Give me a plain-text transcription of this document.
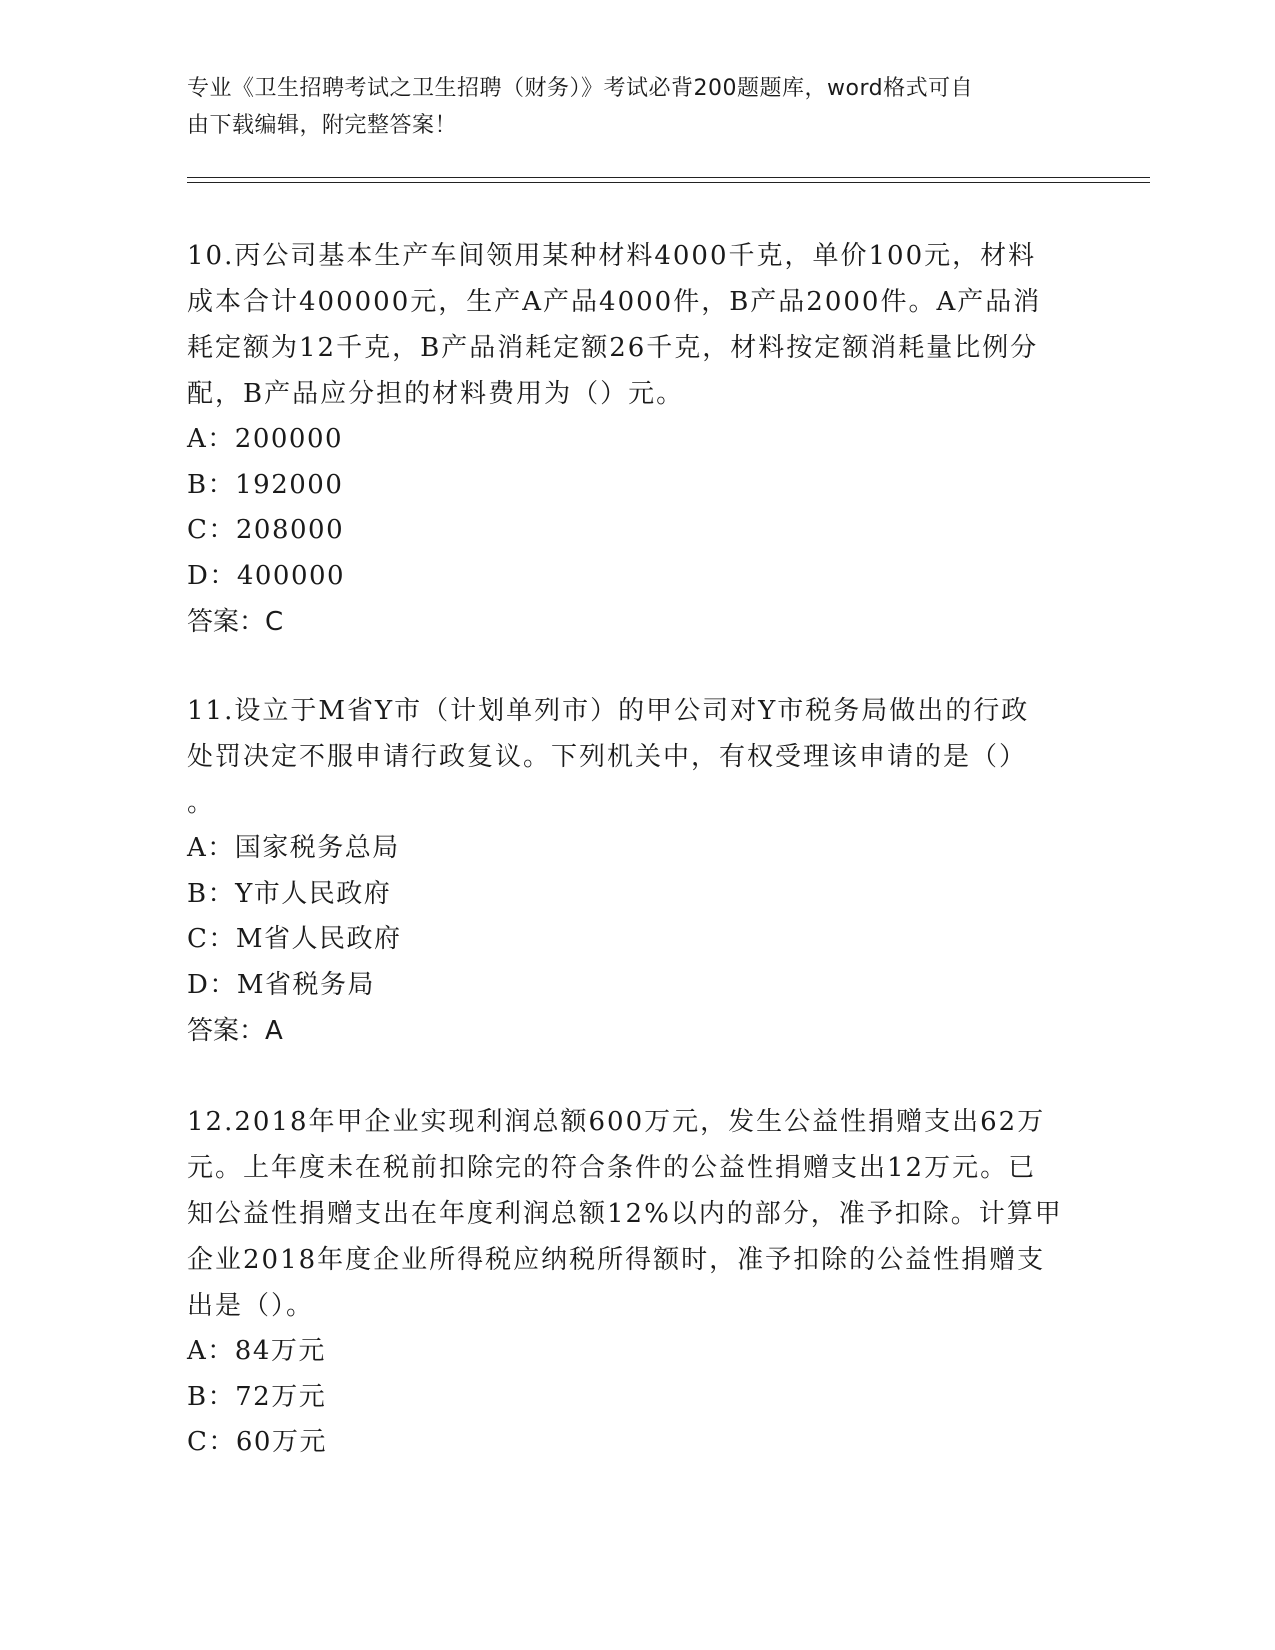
专业《卫生招聘考试之卫生招聘（财务）》考试必背200题题库，word格式可自
由下载编辑，附完整答案！

10.丙公司基本生产车间领用某种材料4000千克，单价100元，材料
成本合计400000元，生产A产品4000件，B产品2000件。A产品消
耗定额为12千克，B产品消耗定额26千克，材料按定额消耗量比例分
配，B产品应分担的材料费用为（）元。

A：200000

B：192000

C：208000

D：400000

答案：C

11.设立于M省Y市（计划单列市）的甲公司对Y市税务局做出的行政
处罚决定不服申请行政复议。下列机关中，有权受理该申请的是（）
。

A：国家税务总局

B：Y市人民政府

C：M省人民政府

D：M省税务局

答案：A

12.2018年甲企业实现利润总额600万元，发生公益性捐赠支出62万
元。上年度未在税前扣除完的符合条件的公益性捐赠支出12万元。已
知公益性捐赠支出在年度利润总额12%以内的部分，准予扣除。计算甲
企业2018年度企业所得税应纳税所得额时，准予扣除的公益性捐赠支
出是（）。

A：84万元

B：72万元

C：60万元
